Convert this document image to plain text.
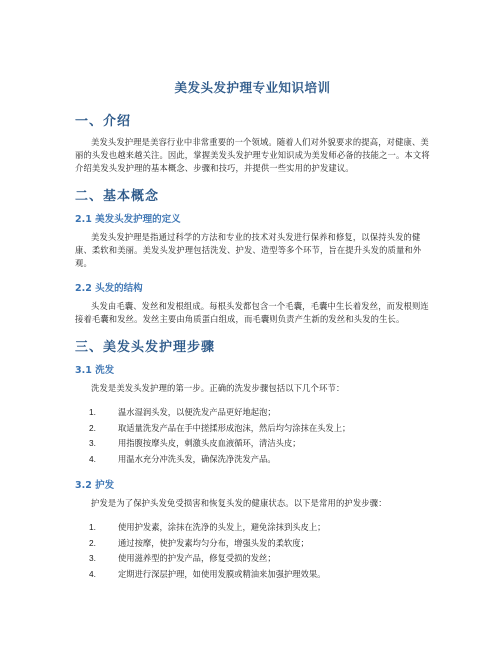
美发头发护理专业知识培训
一、介绍

美发头发护理是美容行业中非常重要的一个领域。随着人们对外貌要求的提高，对健康、美丽的头发也越来越关注。因此，掌握美发头发护理专业知识成为美发师必备的技能之一。本文将介绍美发头发护理的基本概念、步骤和技巧，并提供一些实用的护发建议。

二、基本概念
2.1 美发头发护理的定义

美发头发护理是指通过科学的方法和专业的技术对头发进行保养和修复，以保持头发的健康、柔软和美丽。美发头发护理包括洗发、护发、造型等多个环节，旨在提升头发的质量和外观。

2.2 头发的结构

头发由毛囊、发丝和发根组成。每根头发都包含一个毛囊，毛囊中生长着发丝，而发根则连接着毛囊和发丝。发丝主要由角质蛋白组成，而毛囊则负责产生新的发丝和头发的生长。

三、美发头发护理步骤
3.1 洗发

洗发是美发头发护理的第一步。正确的洗发步骤包括以下几个环节：

1.	温水湿润头发，以便洗发产品更好地起泡；
2.	取适量洗发产品在手中搓揉形成泡沫，然后均匀涂抹在头发上；
3.	用指腹按摩头皮，刺激头皮血液循环，清洁头皮；
4.	用温水充分冲洗头发，确保洗净洗发产品。
3.2 护发

护发是为了保护头发免受损害和恢复头发的健康状态。以下是常用的护发步骤：

1.	使用护发素，涂抹在洗净的头发上，避免涂抹到头皮上；
2.	通过按摩，使护发素均匀分布，增强头发的柔软度；
3.	使用滋养型的护发产品，修复受损的发丝；
4.	定期进行深层护理，如使用发膜或精油来加强护理效果。
